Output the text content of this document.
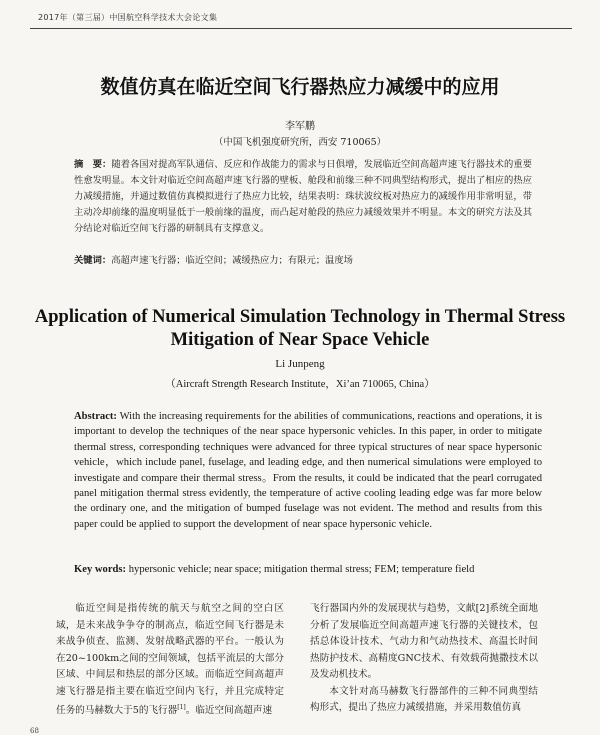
2017年（第三届）中国航空科学技术大会论文集
数值仿真在临近空间飞行器热应力减缓中的应用
李军鹏
（中国飞机强度研究所，西安 710065）
摘　要：随着各国对提高军队通信、反应和作战能力的需求与日俱增，发展临近空间高超声速飞行器技术的重要性愈发明显。本文针对临近空间高超声速飞行器的壁板、舱段和前缘三种不同典型结构形式，提出了相应的热应力减缓措施，并通过数值仿真模拟进行了热应力比较，结果表明：珠状波纹板对热应力的减缓作用非常明显，带主动冷却前缘的温度明显低于一般前缘的温度，而凸起对舱段的热应力减缓效果并不明显。本文的研究方法及其分结论对临近空间飞行器的研制具有支撑意义。
关键词：高超声速飞行器；临近空间；减缓热应力；有限元；温度场
Application of Numerical Simulation Technology in Thermal Stress
Mitigation of Near Space Vehicle
Li Junpeng
（Aircraft Strength Research Institute，Xi’an 710065, China）
Abstract: With the increasing requirements for the abilities of communications, reactions and operations, it is important to develop the techniques of the near space hypersonic vehicles. In this paper, in order to mitigate thermal stress, corresponding techniques were advanced for three typical structures of near space hypersonic vehicle，which include panel, fuselage, and leading edge, and then numerical simulations were employed to investigate and compare their thermal stress。From the results, it could be indicated that the pearl corrugated panel mitigation thermal stress evidently, the temperature of active cooling leading edge was far more below the ordinary one, and the mitigation of bumped fuselage was not evident. The method and results from this paper could be applied to support the development of near space hypersonic vehicle.
Key words: hypersonic vehicle; near space; mitigation thermal stress; FEM; temperature field

临近空间是指传统的航天与航空之间的空白区域，是未来战争争夺的制高点，临近空间飞行器是未来战争侦查、监测、发射战略武器的平台。一般认为在20~100km之间的空间领域，包括平流层的大部分区域、中间层和热层的部分区域。而临近空间高超声速飞行器是指主要在临近空间内飞行，并且完成特定任务的马赫数大于5的飞行器[1]。临近空间高超声速

飞行器国内外的发展现状与趋势，文献[2]系统全面地分析了发展临近空间高超声速飞行器的关键技术，包括总体设计技术、气动力和气动热技术、高温长时间热防护技术、高精度GNC技术、有效载荷抛撒技术以及发动机技术。

本文针对高马赫数飞行器部件的三种不同典型结构形式，提出了热应力减缓措施，并采用数值仿真

68
